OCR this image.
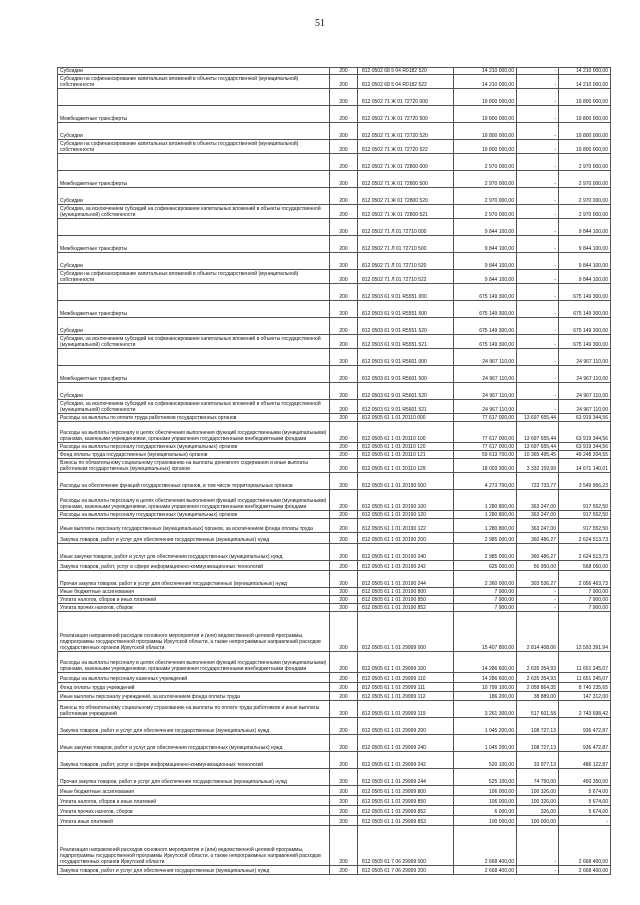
51
Субсидии	200	812 0502 68 5 04 R0182 520	14 210 000,00	-	14 210 000,00
Субсидии на софинансирование капитальных вложений в объекты государственной (муниципальной) собственности	200	812 0502 68 5 04 R0182 522	14 210 000,00	-	14 210 000,00
	200	812 0502 71 Ж 01 72720 000	19 800 000,00	-	19 800 000,00
Межбюджетные трансферты	200	812 0502 71 Ж 01 72720 500	19 800 000,00	-	19 800 000,00
Субсидии	200	812 0502 71 Ж 01 72720 520	19 800 000,00	-	19 800 000,00
Субсидии на софинансирование капитальных вложений в объекты государственной (муниципальной) собственности	200	812 0502 71 Ж 01 72720 522	19 800 000,00	-	19 800 000,00
	200	812 0502 71 Ж 01 72800 000	2 970 000,00	-	2 970 000,00
Межбюджетные трансферты	200	812 0502 71 Ж 01 72800 500	2 970 000,00	-	2 970 000,00
Субсидии	200	812 0502 71 Ж 01 72800 520	2 970 000,00	-	2 970 000,00
Субсидии, за исключением субсидий на софинансирование капитальных вложений в объекты государственной (муниципальной) собственности	200	812 0502 71 Ж 01 72800 521	2 970 000,00	-	2 970 000,00
	200	812 0502 71 Л 01 72710 000	9 844 100,00	-	9 844 100,00
Межбюджетные трансферты	200	812 0502 71 Л 01 72710 500	9 844 100,00	-	9 844 100,00
Субсидии	200	812 0502 71 Л 01 72710 520	9 844 100,00	-	9 844 100,00
Субсидии на софинансирование капитальных вложений в объекты государственной (муниципальной) собственности	200	812 0502 71 Л 01 72710 522	9 844 100,00	-	9 844 100,00
	200	812 0503 61 9 01 R5551 000	675 149 300,00	-	675 149 300,00
Межбюджетные трансферты	200	812 0503 61 9 01 R5551 500	675 149 300,00	-	675 149 300,00
Субсидии	200	812 0503 61 9 01 R5551 520	675 149 300,00	-	675 149 300,00
Субсидии, за исключением субсидий на софинансирование капитальных вложений в объекты государственной (муниципальной) собственности	200	812 0503 61 9 01 R5551 521	675 149 300,00	-	675 149 300,00
	200	812 0503 61 9 01 R5601 000	24 967 110,00	-	24 967 110,00
Межбюджетные трансферты	200	812 0503 61 9 01 R5601 500	24 967 110,00	-	24 967 110,00
Субсидии	200	812 0503 61 9 01 R5601 520	24 967 110,00	-	24 967 110,00
Субсидии, за исключением субсидий на софинансирование капитальных вложений в объекты государственной (муниципальной) собственности	200	812 0503 61 9 01 R5601 521	24 967 110,00	-	24 967 110,00
Расходы на выплаты по оплате труда работников государственных органов	200	812 0505 61 1 01 20110 000	77 617 000,00	13 697 655,44	63 919 344,56
Расходы на выплаты персоналу в целях обеспечения выполнения функций государственными (муниципальными) органами, казенными учреждениями, органами управления государственными внебюджетными фондами	200	812 0505 61 1 01 20110 100	77 617 000,00	13 697 655,44	63 919 344,56
Расходы на выплаты персоналу государственных (муниципальных) органов	200	812 0505 61 1 01 20110 120	77 617 000,00	13 697 655,44	63 919 344,56
Фонд оплаты труда государственных (муниципальных) органов	200	812 0505 61 1 01 20110 121	59 613 700,00	10 365 495,45	49 248 204,55
Взносы по обязательному социальному страхованию на выплаты денежного содержания и иные выплаты работникам государственных (муниципальных) органов	200	812 0505 61 1 01 20110 129	18 003 300,00	3 332 159,99	14 671 140,01
Расходы на обеспечение функций государственных органов, в том числе территориальных органов	200	812 0505 61 1 01 20190 000	4 273 700,00	723 733,77	3 549 966,23
Расходы на выплаты персоналу в целях обеспечения выполнения функций государственными (муниципальными) органами, казенными учреждениями, органами управления государственными внебюджетными фондами	200	812 0505 61 1 01 20190 100	1 280 800,00	363 247,00	917 552,50
Расходы на выплаты персоналу государственных (муниципальных) органов	200	812 0505 61 1 01 20190 120	1 280 800,00	363 247,00	917 552,50
Иные выплаты персоналу государственных (муниципальных) органов, за исключением фонда оплаты труда	200	812 0505 61 1 01 20190 122	1 280 800,00	363 247,00	917 552,50
Закупка товаров, работ и услуг для обеспечения государственных (муниципальных) нужд	200	812 0505 61 1 01 20190 200	2 985 000,00	360 486,27	2 624 513,73
Иные закупки товаров, работ и услуг для обеспечения государственных (муниципальных) нужд	200	812 0505 61 1 01 20190 240	2 985 000,00	360 486,27	2 624 513,73
Закупка товаров, работ, услуг в сфере информационно-коммуникационных технологий	200	812 0505 61 1 01 20190 242	625 000,00	56 950,00	568 050,00
Прочая закупка товаров, работ и услуг для обеспечения государственных (муниципальных) нужд	200	812 0505 61 1 01 20190 244	2 360 000,00	303 536,27	2 056 463,73
Иные бюджетные ассигнования	200	812 0505 61 1 01 20190 800	7 900,00	-	7 900,00
Уплата налогов, сборов и иных платежей	200	812 0505 61 1 01 20190 850	7 900,00	-	7 900,00
Уплата прочих налогов, сборов	200	812 0505 61 1 01 20190 852	7 900,00	-	7 900,00
Реализация направлений расходов основного мероприятия и (или) ведомственной целевой программы, подпрограммы государственной программы Иркутской области, а также непрограммных направлений расходов государственных органов Иркутской области	200	812 0505 61 1 01 29999 000	15 407 800,00	2 814 408,06	12 593 391,94
Расходы на выплаты персоналу в целях обеспечения выполнения функций государственными (муниципальными) органами, казенными учреждениями, органами управления государственными внебюджетными фондами	200	812 0505 61 1 01 29999 100	14 286 600,00	2 635 354,93	11 651 245,07
Расходы на выплаты персоналу казенных учреждений	200	812 0505 61 1 01 29999 110	14 286 600,00	2 635 354,93	11 651 245,07
Фонд оплаты труда учреждений	200	812 0505 61 1 01 29999 111	10 799 100,00	2 058 864,35	8 740 235,65
Иные выплаты персоналу учреждений, за исключением фонда оплаты труда	200	812 0505 61 1 01 29999 112	186 200,00	38 889,00	147 312,00
Взносы по обязательному социальному страхованию на выплаты по оплате труда работников и иные выплаты работникам учреждений	200	812 0505 61 1 01 29999 119	3 261 300,00	517 601,58	2 743 698,42
Закупка товаров, работ и услуг для обеспечения государственных (муниципальных) нужд	200	812 0505 61 1 01 29999 200	1 045 200,00	108 727,13	936 472,87
Иные закупки товаров, работ и услуг для обеспечения государственных (муниципальных) нужд	200	812 0505 61 1 01 29999 240	1 045 200,00	108 727,13	936 472,87
Закупка товаров, работ, услуг в сфере информационно-коммуникационных технологий	200	812 0505 61 1 01 29999 242	520 100,00	33 977,13	486 122,87
Прочая закупка товаров, работ и услуг для обеспечения государственных (муниципальных) нужд	200	812 0505 61 1 01 29999 244	525 100,00	74 750,00	450 350,00
Иные бюджетные ассигнования	200	812 0505 61 1 01 29999 800	106 000,00	100 326,00	5 674,00
Уплата налогов, сборов и иных платежей	200	812 0505 61 1 01 29999 850	106 000,00	100 326,00	5 674,00
Уплата прочих налогов, сборов	200	812 0505 61 1 01 29999 852	6 000,00	326,00	5 674,00
Уплата иных платежей	200	812 0505 61 1 01 29999 853	100 000,00	100 000,00	-
Реализация направлений расходов основного мероприятия и (или) ведомственной целевой программы, подпрограммы государственной программы Иркутской области, а также непрограммных направлений расходов государственных органов Иркутской области	200	812 0505 61 7 06 29999 000	2 668 400,00	-	2 668 400,00
Закупка товаров, работ и услуг для обеспечения государственных (муниципальных) нужд	200	812 0505 61 7 06 29999 200	2 668 400,00	-	2 668 400,00
